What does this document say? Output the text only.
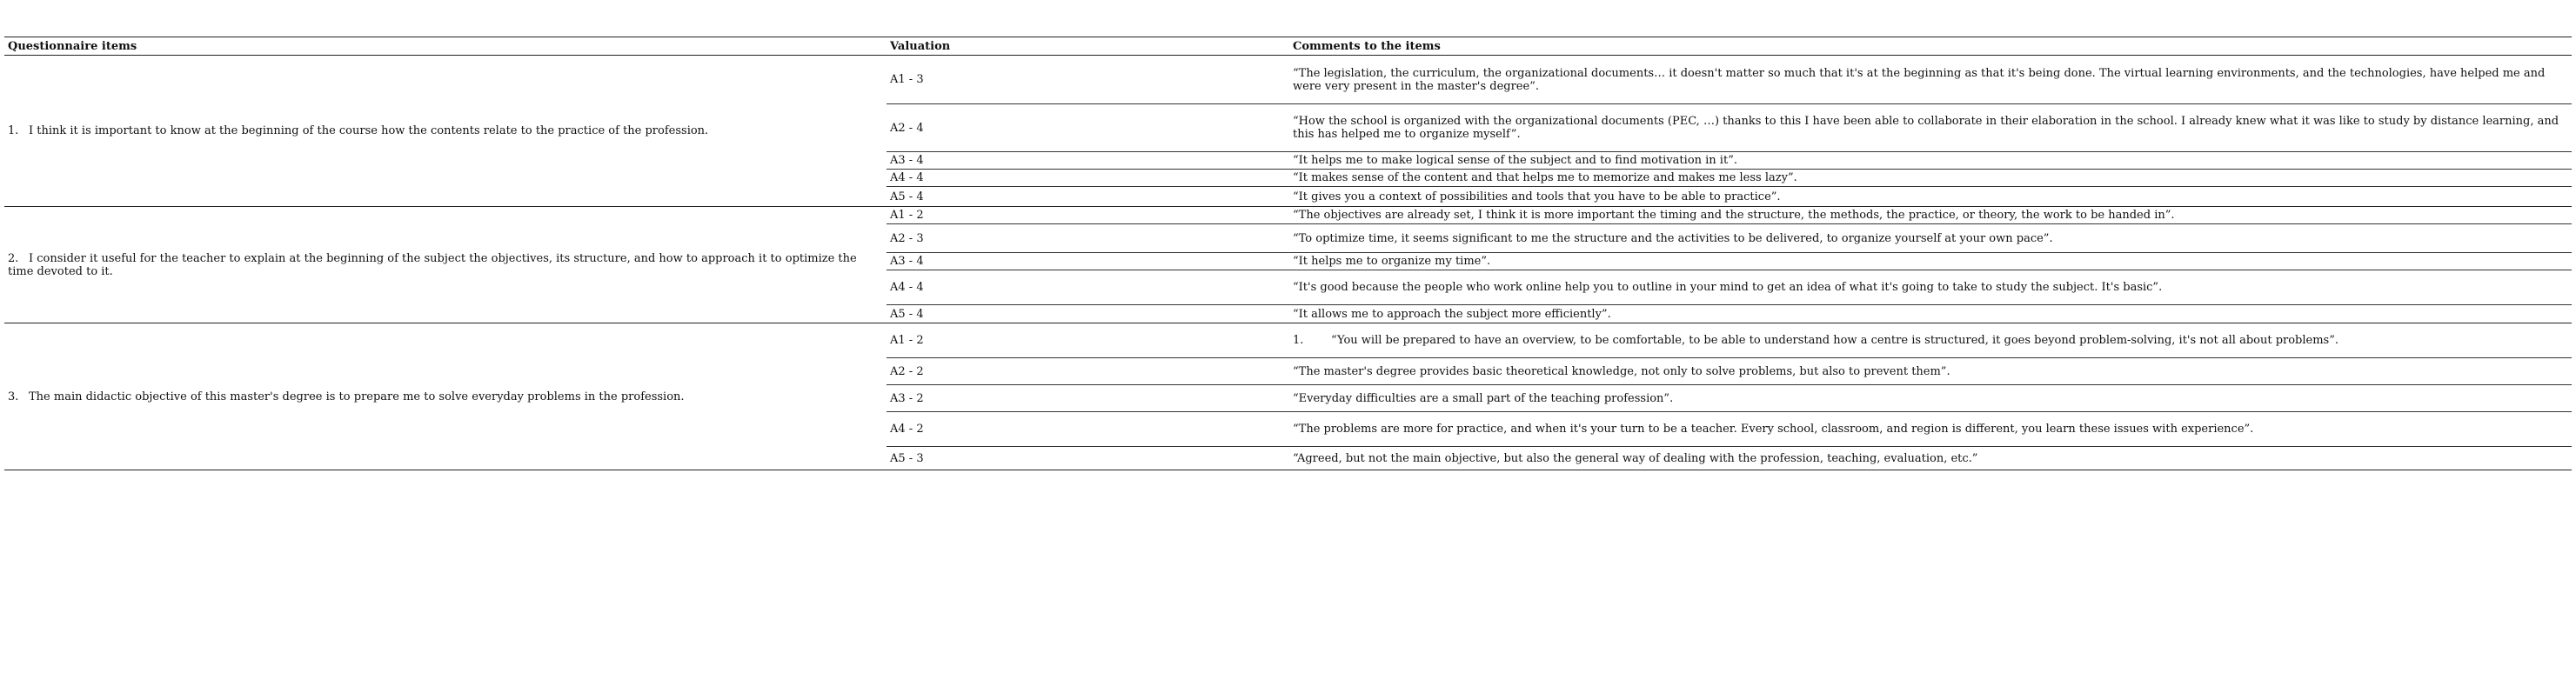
Questionnaire items	Valuation	Comments to the items
1. I think it is important to know at the beginning of the course how the contents relate to the practice of the profession.	A1 - 3	“The legislation, the curriculum, the organizational documents… it doesn't matter so much that it's at the beginning as that it's being done. The virtual learning environments, and the technologies, have helped me and were very present in the master's degree”.
	A2 - 4	“How the school is organized with the organizational documents (PEC, …) thanks to this I have been able to collaborate in their elaboration in the school. I already knew what it was like to study by distance learning, and this has helped me to organize myself”.
	A3 - 4	“It helps me to make logical sense of the subject and to find motivation in it”.
	A4 - 4	“It makes sense of the content and that helps me to memorize and makes me less lazy”.
	A5 - 4	“It gives you a context of possibilities and tools that you have to be able to practice”.
2. I consider it useful for the teacher to explain at the beginning of the subject the objectives, its structure, and how to approach it to optimize the time devoted to it.	A1 - 2	“The objectives are already set, I think it is more important the timing and the structure, the methods, the practice, or theory, the work to be handed in”.
	A2 - 3	“To optimize time, it seems significant to me the structure and the activities to be delivered, to organize yourself at your own pace”.
	A3 - 4	“It helps me to organize my time”.
	A4 - 4	“It's good because the people who work online help you to outline in your mind to get an idea of what it's going to take to study the subject. It's basic”.
	A5 - 4	“It allows me to approach the subject more efficiently”.
3. The main didactic objective of this master's degree is to prepare me to solve everyday problems in the profession.	A1 - 2	1. “You will be prepared to have an overview, to be comfortable, to be able to understand how a centre is structured, it goes beyond problem-solving, it's not all about problems”.
	A2 - 2	“The master's degree provides basic theoretical knowledge, not only to solve problems, but also to prevent them”.
	A3 - 2	“Everyday difficulties are a small part of the teaching profession”.
	A4 - 2	“The problems are more for practice, and when it's your turn to be a teacher. Every school, classroom, and region is different, you learn these issues with experience”.
	A5 - 3	“Agreed, but not the main objective, but also the general way of dealing with the profession, teaching, evaluation, etc.”
